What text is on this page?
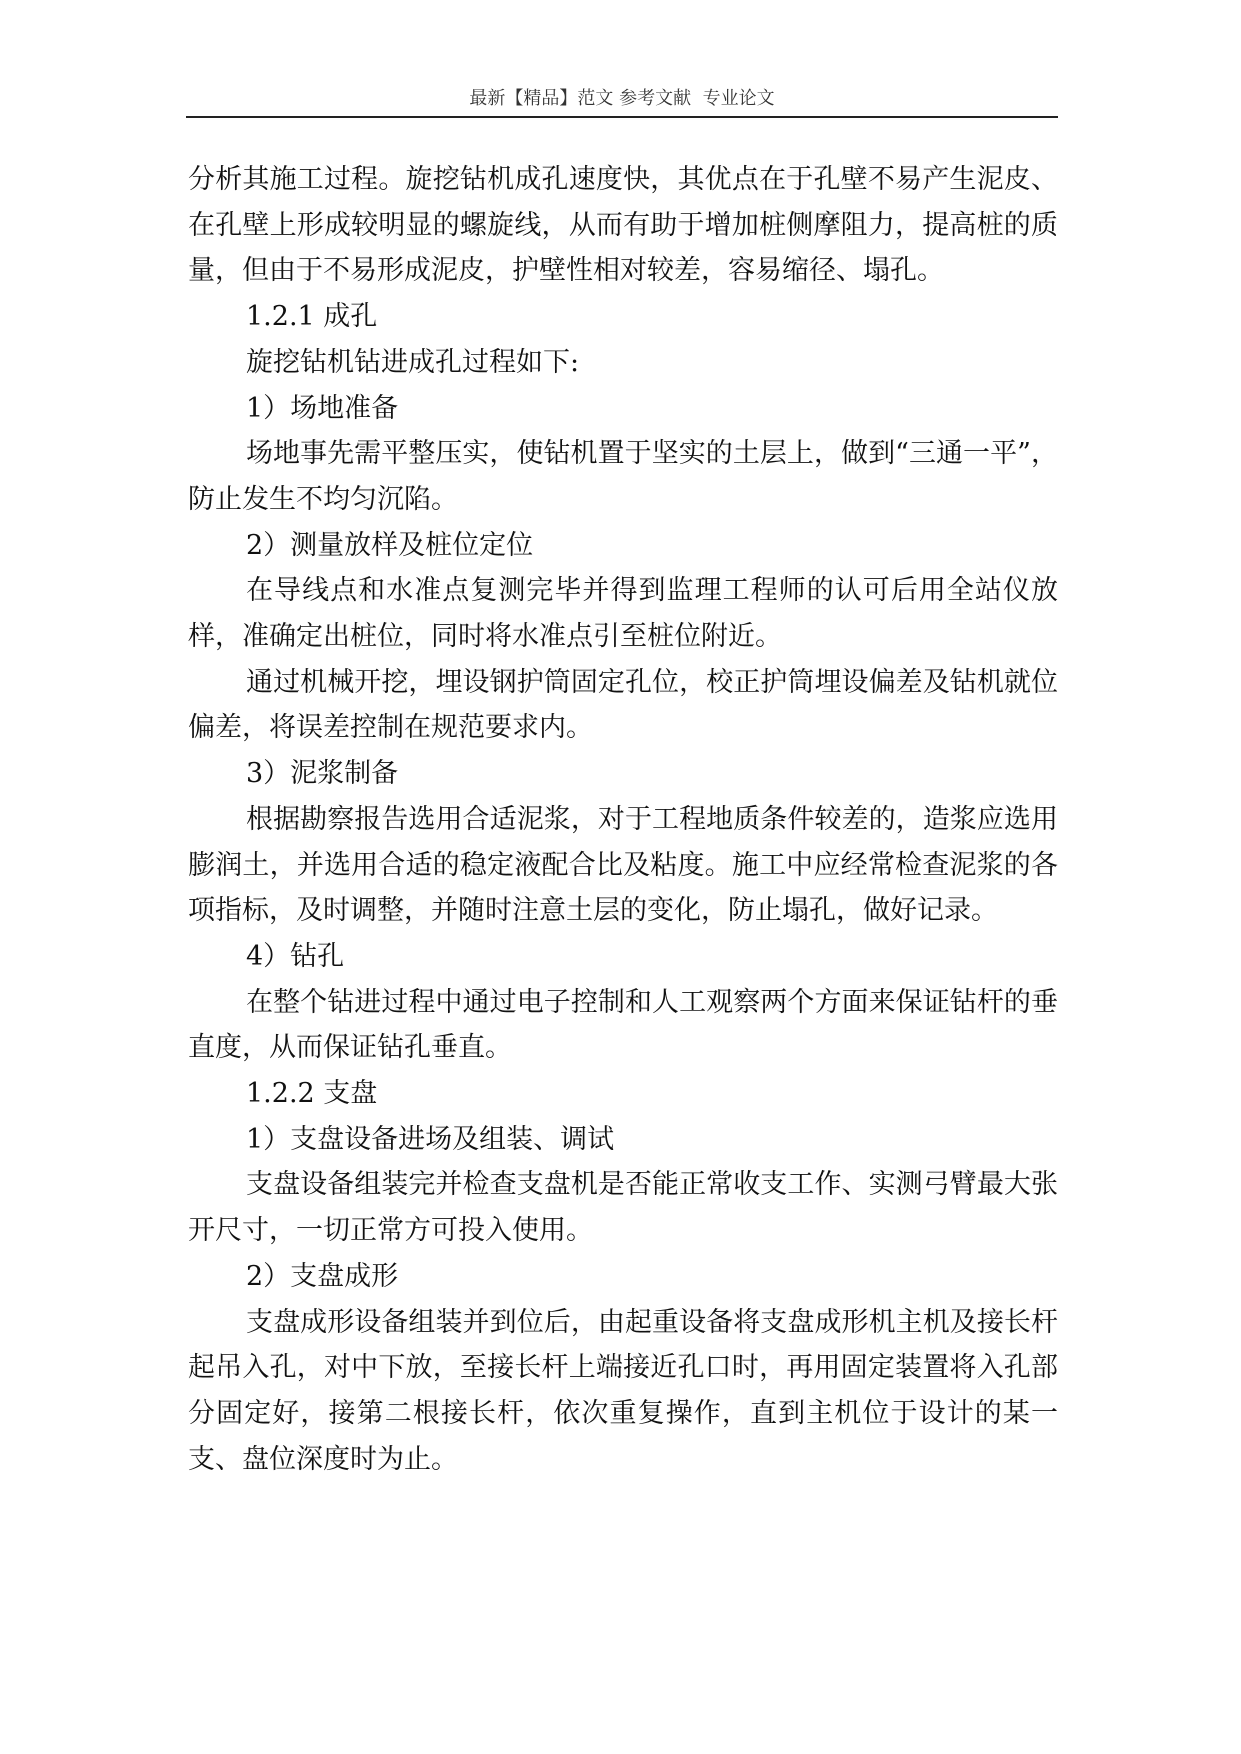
最新【精品】范文 参考文献  专业论文

分析其施工过程。旋挖钻机成孔速度快，其优点在于孔壁不易产生泥皮、在孔壁上形成较明显的螺旋线，从而有助于增加桩侧摩阻力，提高桩的质量，但由于不易形成泥皮，护壁性相对较差，容易缩径、塌孔。

1.2.1 成孔

旋挖钻机钻进成孔过程如下:

1）场地准备

场地事先需平整压实，使钻机置于坚实的土层上，做到“三通一平”，防止发生不均匀沉陷。

2）测量放样及桩位定位

在导线点和水准点复测完毕并得到监理工程师的认可后用全站仪放样，准确定出桩位，同时将水准点引至桩位附近。

通过机械开挖，埋设钢护筒固定孔位，校正护筒埋设偏差及钻机就位偏差，将误差控制在规范要求内。

3）泥浆制备

根据勘察报告选用合适泥浆，对于工程地质条件较差的，造浆应选用膨润土，并选用合适的稳定液配合比及粘度。施工中应经常检查泥浆的各项指标，及时调整，并随时注意土层的变化，防止塌孔，做好记录。

4）钻孔

在整个钻进过程中通过电子控制和人工观察两个方面来保证钻杆的垂直度，从而保证钻孔垂直。

1.2.2 支盘

1）支盘设备进场及组装、调试

支盘设备组装完并检查支盘机是否能正常收支工作、实测弓臂最大张开尺寸，一切正常方可投入使用。

2）支盘成形

支盘成形设备组装并到位后，由起重设备将支盘成形机主机及接长杆起吊入孔，对中下放，至接长杆上端接近孔口时，再用固定装置将入孔部分固定好，接第二根接长杆，依次重复操作，直到主机位于设计的某一支、盘位深度时为止。
